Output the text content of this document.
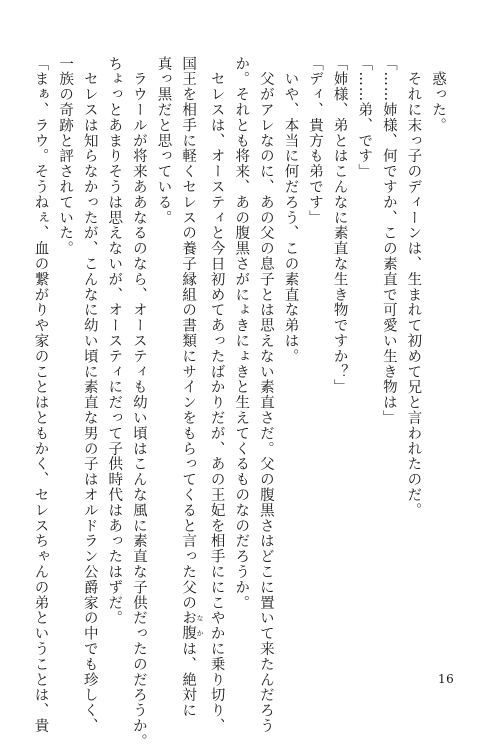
　惑った。
　それに末っ子のディーンは、生まれて初めて兄と言われたのだ。
「……姉様、何ですか、この素直で可愛い生き物は」
「……弟、です」
「姉様、弟とはこんなに素直な生き物ですか？」
「ディ、貴方も弟です」
　いや、本当に何だろう、この素直な弟は。
　父がアレなのに、あの父の息子とは思えない素直さだ。父の腹黒さはどこに置いて来たんだろう
か。それとも将来、あの腹黒さがにょきにょきと生えてくるものなのだろうか。
　セレスは、オースティと今日初めてあったばかりだが、あの王妃を相手ににこやかに乗り切り、
国王を相手に軽くセレスの養子縁組の書類にサインをもらってくると言った父のお腹 なかは、絶対に
真っ黒だと思っている。
　ラウールが将来ああなるのなら、オースティも幼い頃はこんな風に素直な子供だったのだろうか。
ちょっとあまりそうは思えないが、オースティにだって子供時代はあったはずだ。
　セレスは知らなかったが、こんなに幼い頃に素直な男の子はオルドラン公爵家の中でも珍しく、
一族の奇跡と評されていた。
「まぁ、ラウ。そうねぇ、血の繋がりや家のことはともかく、セレスちゃんの弟ということは、貴	16
